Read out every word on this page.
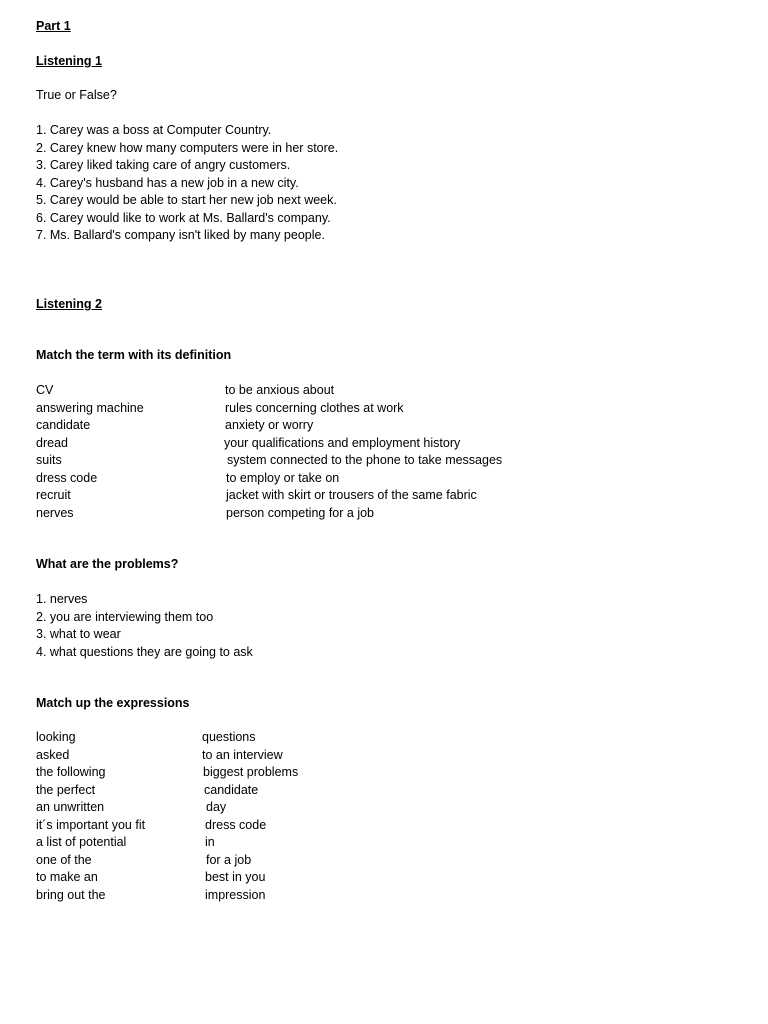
Part 1
Listening 1
True or False?
1. Carey was a boss at Computer Country.
2. Carey knew how many computers were in her store.
3. Carey liked taking care of angry customers.
4. Carey's husband has a new job in a new city.
5. Carey would be able to start her new job next week.
6. Carey would like to work at Ms. Ballard's company.
7. Ms. Ballard's company isn't liked by many people.
Listening 2
Match the term with its definition
CV	to be anxious about
answering machine	rules concerning clothes at work
candidate	anxiety or worry
dread	your qualifications and employment history
suits	system connected to the phone to take messages
dress code	to employ or take on
recruit	jacket with skirt or trousers of the same fabric
nerves	person competing for a job
What are the problems?
1. nerves
2. you are interviewing them too
3. what to wear
4. what questions they are going to ask
Match up the expressions
looking	questions
asked	to an interview
the following	biggest problems
the perfect	candidate
an unwritten	day
it´s important you fit	dress code
a list of potential	in
one of the	for a job
to make an	best in you
bring out the	impression
